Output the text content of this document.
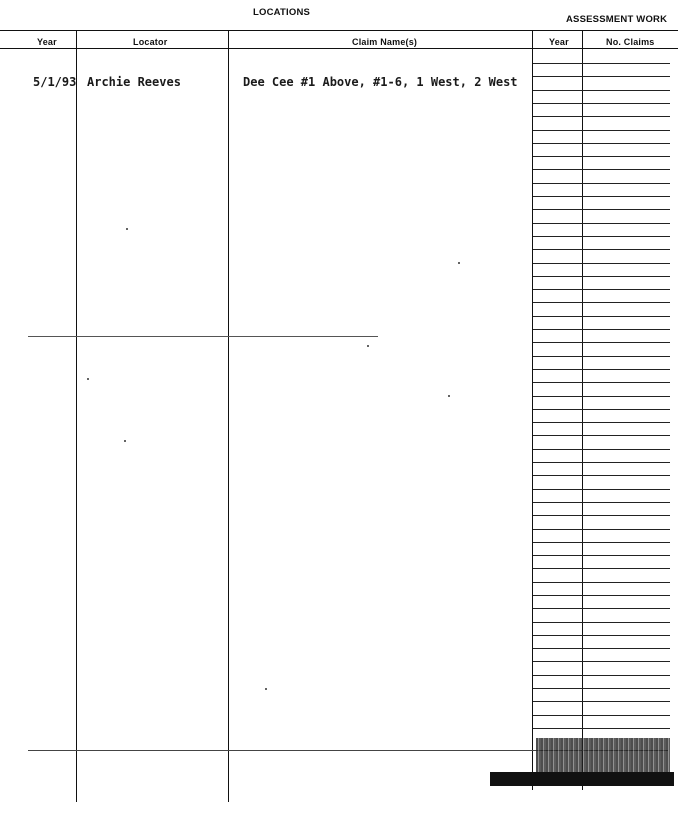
LOCATIONS
ASSESSMENT WORK
Year	Locator	Claim Name(s)	Year	No. Claims
5/1/93 Archie Reeves	Dee Cee #1 Above, #1-6, 1 West, 2 West
